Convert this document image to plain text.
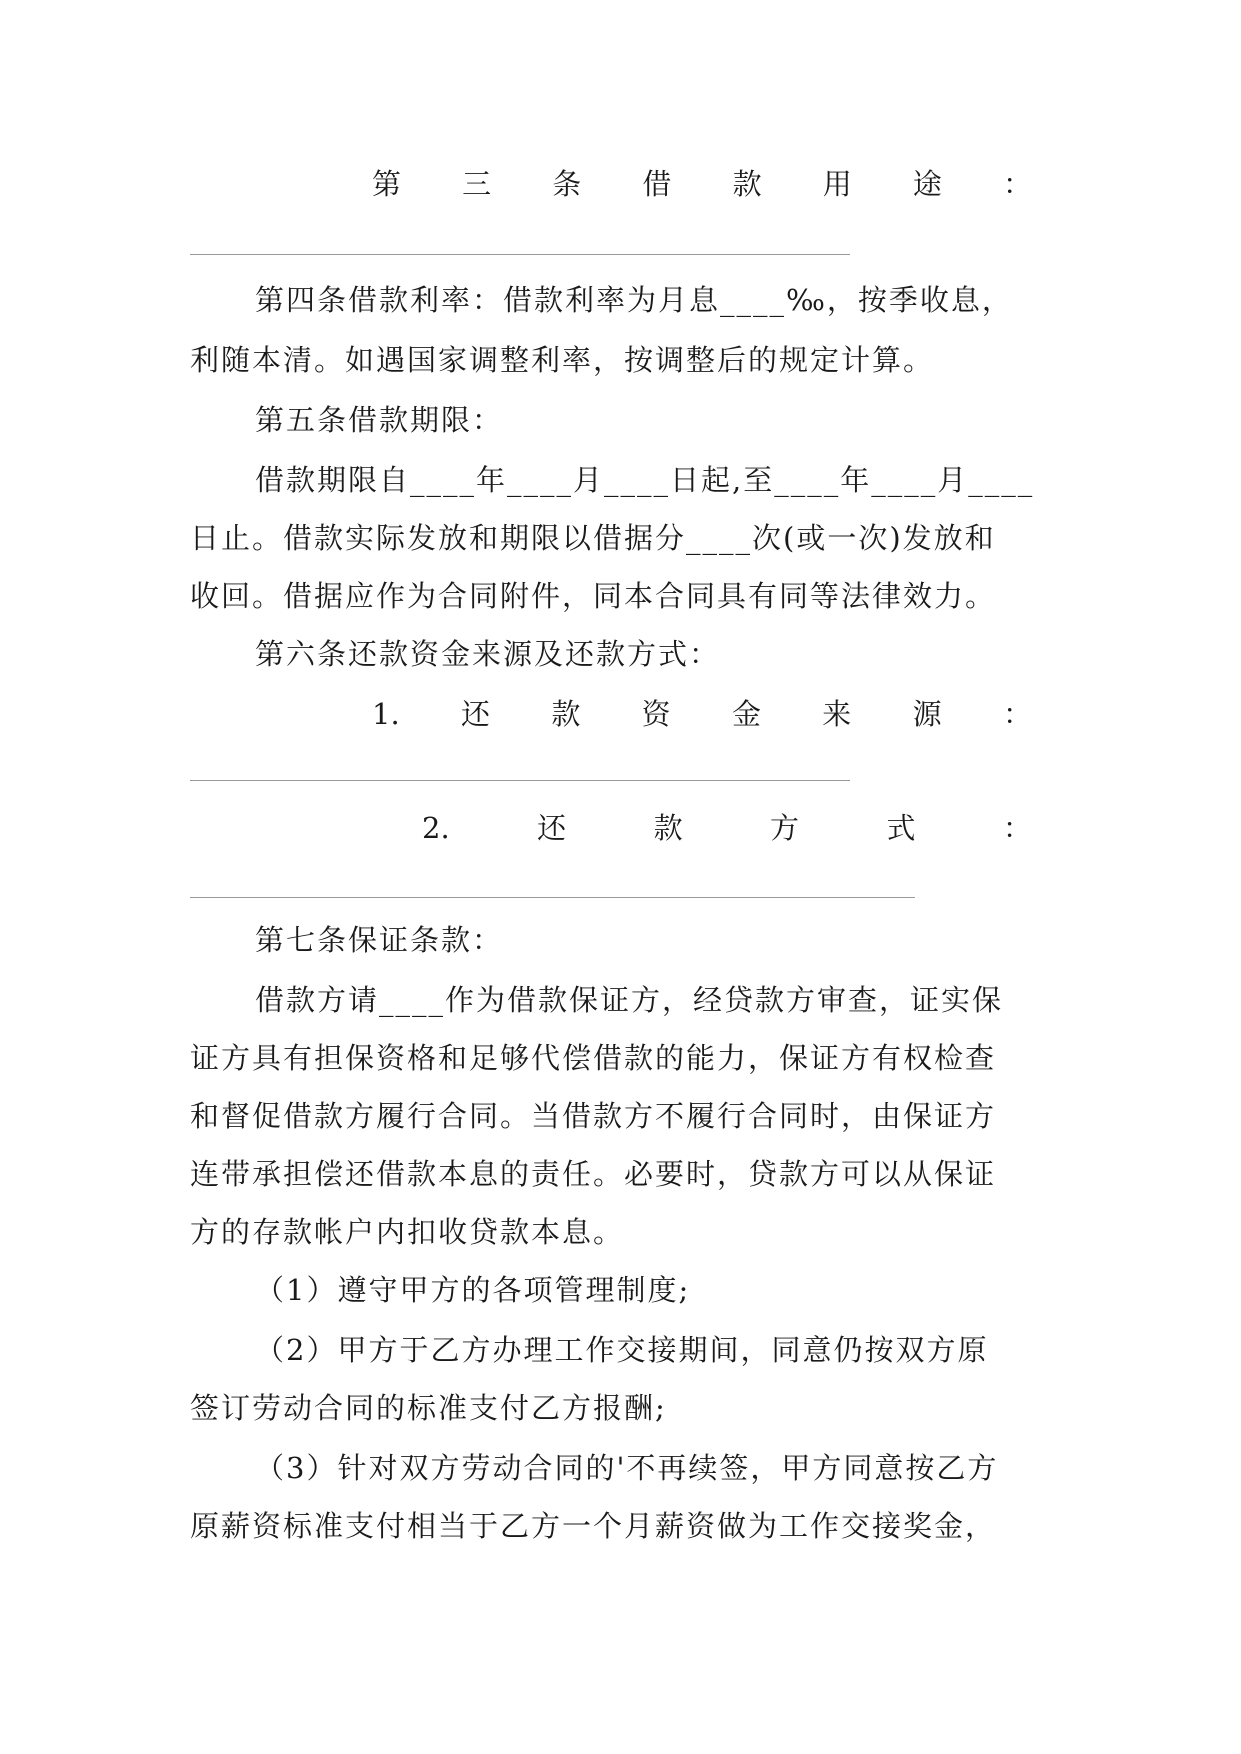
第 三 条 借 款 用 途 ：
第四条借款利率：借款利率为月息____‰，按季收息，
利随本清。如遇国家调整利率，按调整后的规定计算。
第五条借款期限：
借款期限自____年____月____日起,至____年____月____
日止。借款实际发放和期限以借据分____次(或一次)发放和
收回。借据应作为合同附件，同本合同具有同等法律效力。
第六条还款资金来源及还款方式：
1. 还 款 资 金 来 源 ：
2.	还	款	方	式	：
第七条保证条款：
借款方请____作为借款保证方，经贷款方审查，证实保
证方具有担保资格和足够代偿借款的能力，保证方有权检查
和督促借款方履行合同。当借款方不履行合同时，由保证方
连带承担偿还借款本息的责任。必要时，贷款方可以从保证
方的存款帐户内扣收贷款本息。
（1）遵守甲方的各项管理制度;
（2）甲方于乙方办理工作交接期间，同意仍按双方原
签订劳动合同的标准支付乙方报酬;
（3）针对双方劳动合同的'不再续签，甲方同意按乙方
原薪资标准支付相当于乙方一个月薪资做为工作交接奖金，
